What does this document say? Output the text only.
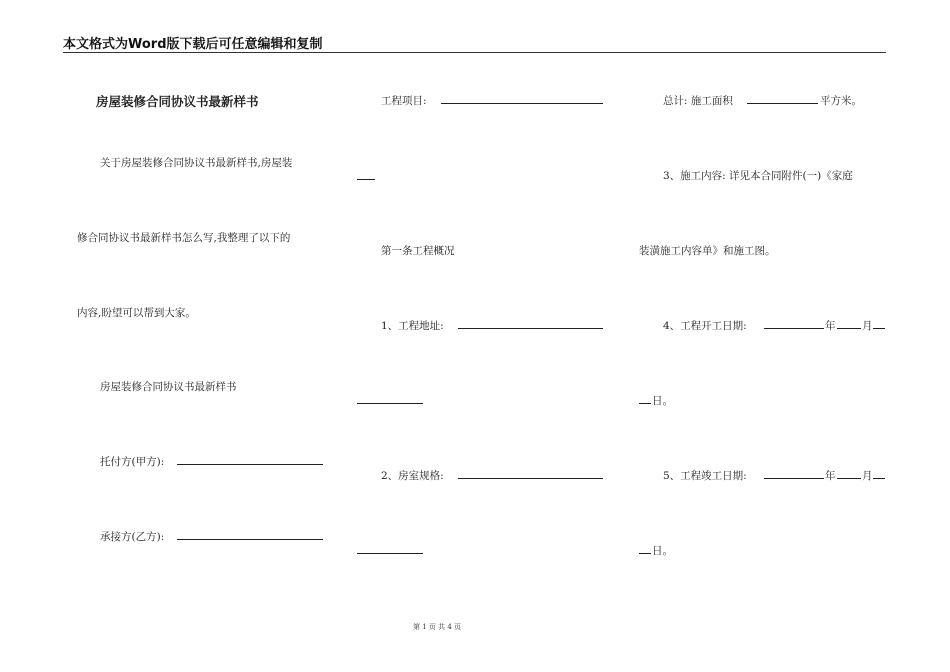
本文格式为Word版下载后可任意编辑和复制
房屋装修合同协议书最新样书
关于房屋装修合同协议书最新样书,房屋装
修合同协议书最新样书怎么写,我整理了以下的
内容,盼望可以帮到大家。
房屋装修合同协议书最新样书
托付方(甲方):
承接方(乙方):
工程项目:
第一条工程概况
1、工程地址:
2、房室规格:
总计: 施工面积	平方米。
3、施工内容: 详见本合同附件(一)《家庭
装潢施工内容单》和施工图。
4、工程开工日期:	年	月
日。
5、工程竣工日期:	年	月
日。
第 1 页 共 4 页
